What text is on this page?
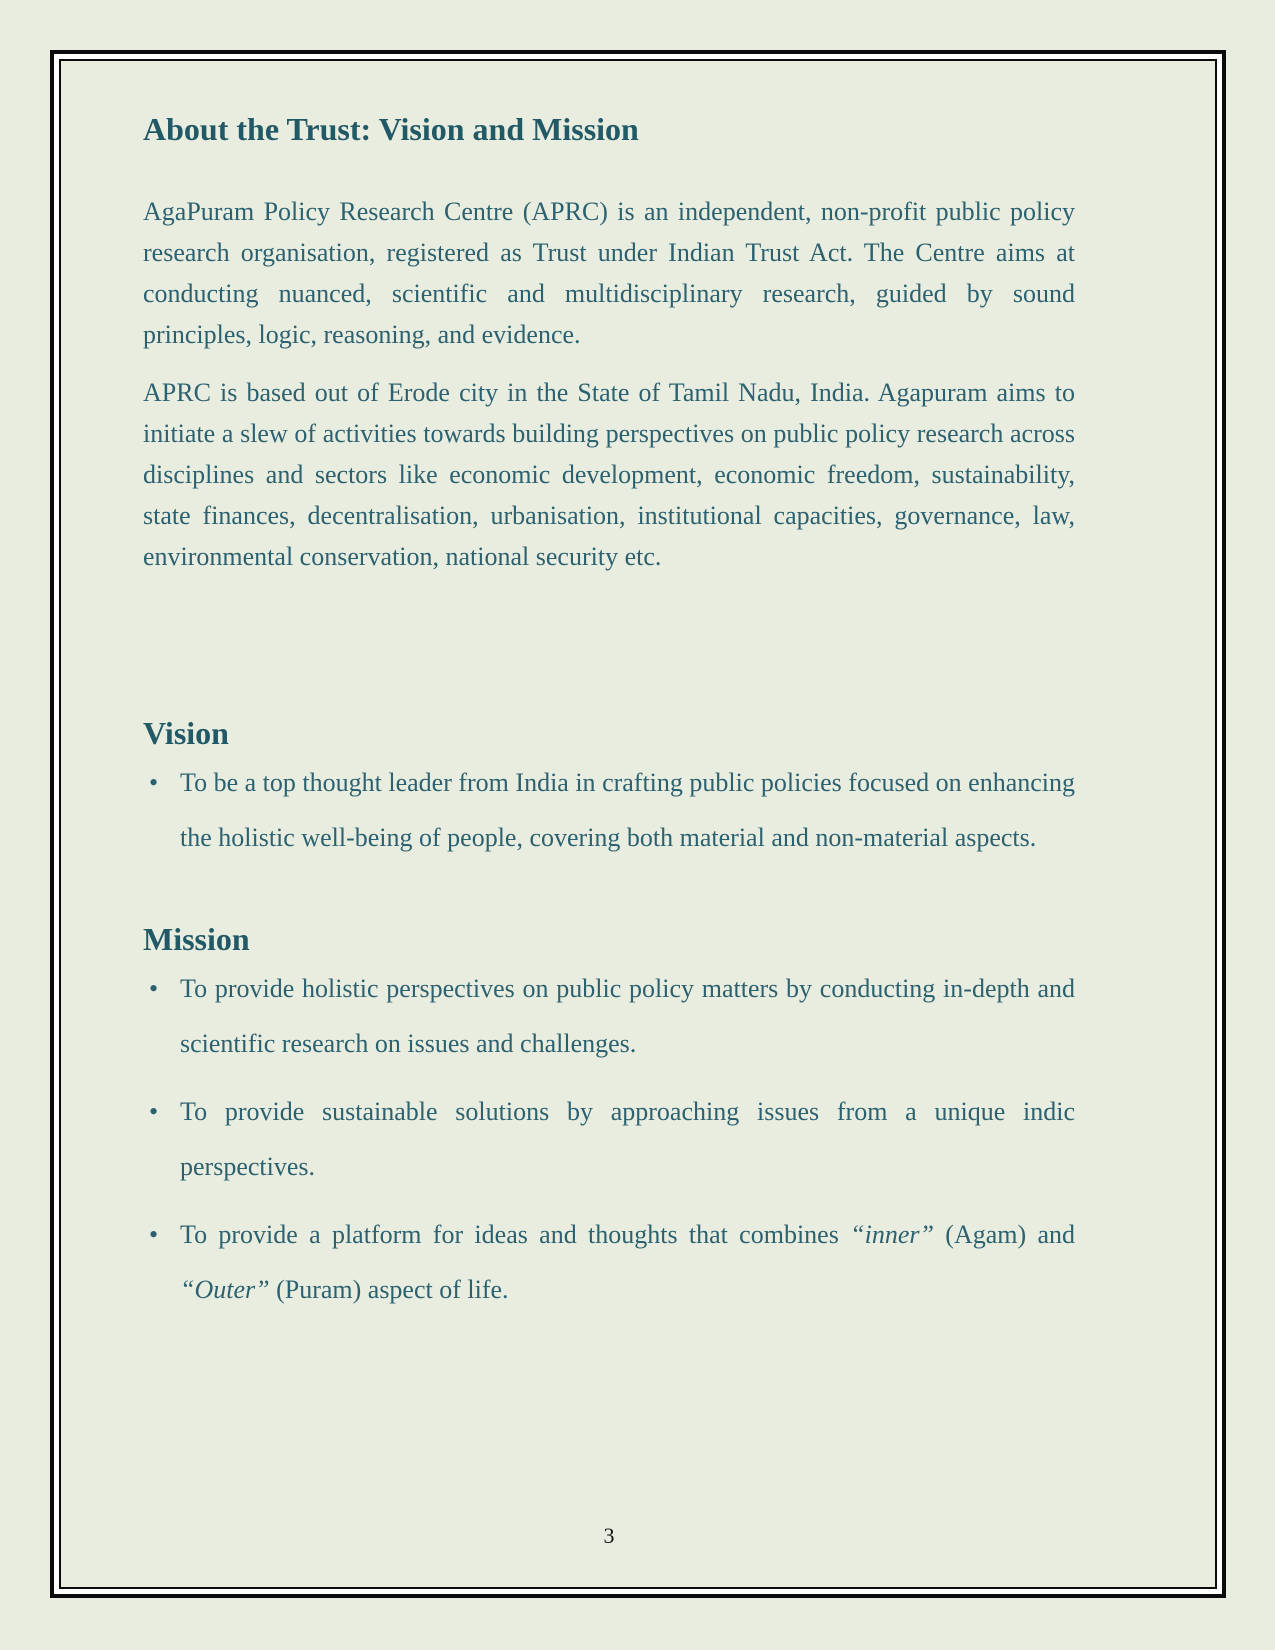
About the Trust: Vision and Mission

AgaPuram Policy Research Centre (APRC) is an independent, non-profit public policy research organisation, registered as Trust under Indian Trust Act. The Centre aims at conducting nuanced, scientific and multidisciplinary research, guided by sound principles, logic, reasoning, and evidence.

APRC is based out of Erode city in the State of Tamil Nadu, India. Agapuram aims to initiate a slew of activities towards building perspectives on public policy research across disciplines and sectors like economic development, economic freedom, sustainability, state finances, decentralisation, urbanisation, institutional capacities, governance, law, environmental conservation, national security etc.

Vision
• To be a top thought leader from India in crafting public policies focused on enhancing the holistic well-being of people, covering both material and non-material aspects.
Mission
• To provide holistic perspectives on public policy matters by conducting in-depth and scientific research on issues and challenges.
• To provide sustainable solutions by approaching issues from a unique indic perspectives.
• To provide a platform for ideas and thoughts that combines “inner” (Agam) and “Outer” (Puram) aspect of life.
3
